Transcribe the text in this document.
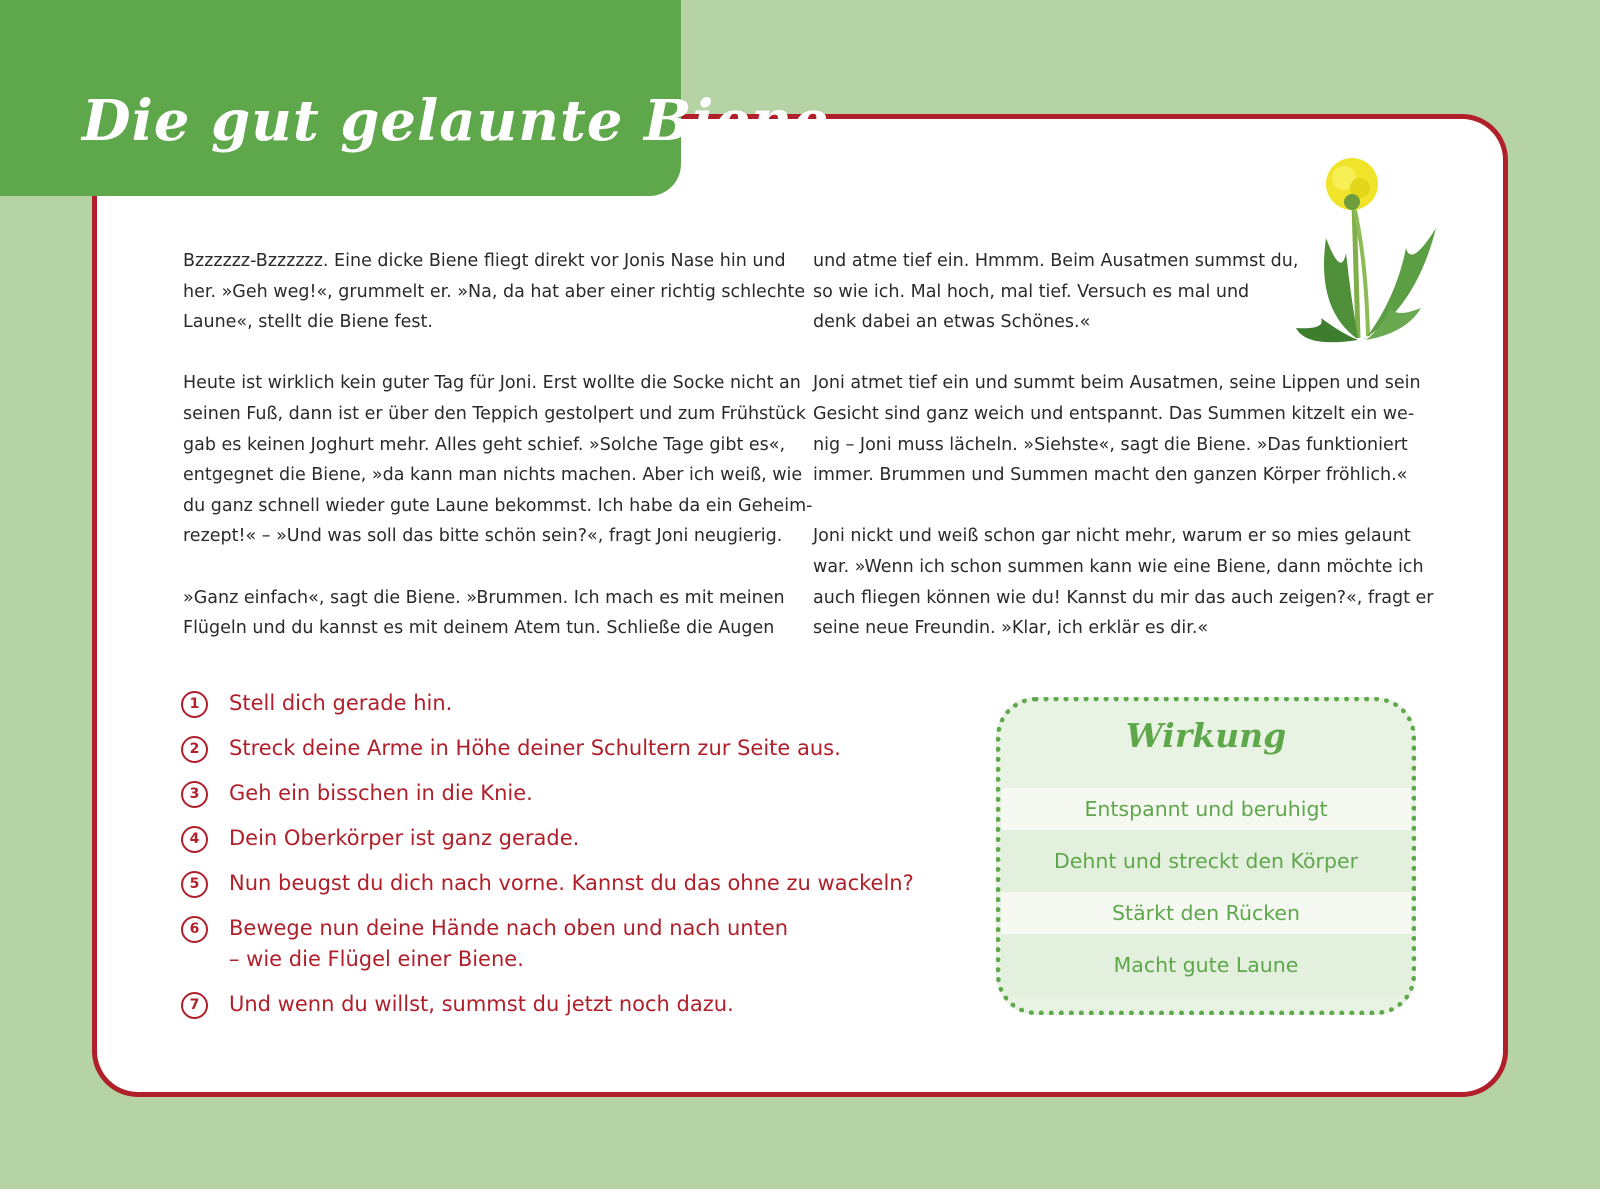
Die gut gelaunte Biene

Bzzzzzz-Bzzzzzz. Eine dicke Biene fliegt direkt vor Jonis Nase hin und
her. »Geh weg!«, grummelt er. »Na, da hat aber einer richtig schlechte
Laune«, stellt die Biene fest.

Heute ist wirklich kein guter Tag für Joni. Erst wollte die Socke nicht an
seinen Fuß, dann ist er über den Teppich gestolpert und zum Frühstück
gab es keinen Joghurt mehr. Alles geht schief. »Solche Tage gibt es«,
entgegnet die Biene, »da kann man nichts machen. Aber ich weiß, wie
du ganz schnell wieder gute Laune bekommst. Ich habe da ein Geheim-
rezept!« – »Und was soll das bitte schön sein?«, fragt Joni neugierig.

»Ganz einfach«, sagt die Biene. »Brummen. Ich mach es mit meinen
Flügeln und du kannst es mit deinem Atem tun. Schließe die Augen

und atme tief ein. Hmmm. Beim Ausatmen summst du,
so wie ich. Mal hoch, mal tief. Versuch es mal und
denk dabei an etwas Schönes.«

Joni atmet tief ein und summt beim Ausatmen, seine Lippen und sein
Gesicht sind ganz weich und entspannt. Das Summen kitzelt ein we-
nig – Joni muss lächeln. »Siehste«, sagt die Biene. »Das funktioniert
immer. Brummen und Summen macht den ganzen Körper fröhlich.«

Joni nickt und weiß schon gar nicht mehr, warum er so mies gelaunt
war. »Wenn ich schon summen kann wie eine Biene, dann möchte ich
auch fliegen können wie du! Kannst du mir das auch zeigen?«, fragt er
seine neue Freundin. »Klar, ich erklär es dir.«

1	Stell dich gerade hin.
2	Streck deine Arme in Höhe deiner Schultern zur Seite aus.
3	Geh ein bisschen in die Knie.
4	Dein Oberkörper ist ganz gerade.
5	Nun beugst du dich nach vorne. Kannst du das ohne zu wackeln?
6	Bewege nun deine Hände nach oben und nach unten
– wie die Flügel einer Biene.
7	Und wenn du willst, summst du jetzt noch dazu.
Wirkung
Entspannt und beruhigt
Dehnt und streckt den Körper
Stärkt den Rücken
Macht gute Laune
